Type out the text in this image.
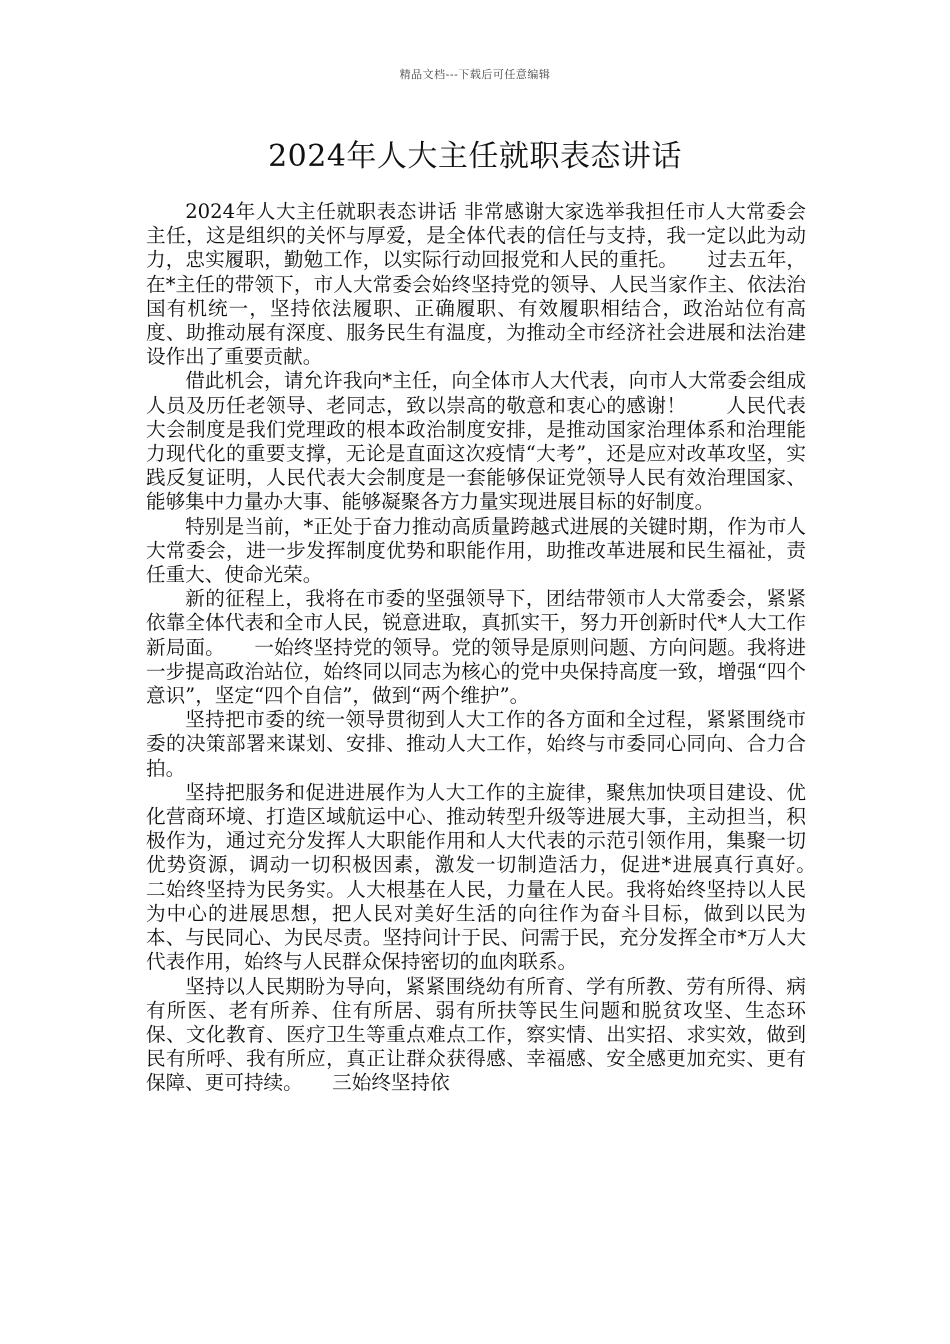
精品文档---下载后可任意编辑
2024年人大主任就职表态讲话

2024年人大主任就职表态讲话 非常感谢大家选举我担任市人大常委会主任，这是组织的关怀与厚爱，是全体代表的信任与支持，我一定以此为动力，忠实履职，勤勉工作，以实际行动回报党和人民的重托。　　过去五年，在*主任的带领下，市人大常委会始终坚持党的领导、人民当家作主、依法治国有机统一，坚持依法履职、正确履职、有效履职相结合，政治站位有高度、助推动展有深度、服务民生有温度，为推动全市经济社会进展和法治建设作出了重要贡献。

借此机会，请允许我向*主任，向全体市人大代表，向市人大常委会组成人员及历任老领导、老同志，致以崇高的敬意和衷心的感谢！　　人民代表大会制度是我们党理政的根本政治制度安排，是推动国家治理体系和治理能力现代化的重要支撑，无论是直面这次疫情“大考”，还是应对改革攻坚，实践反复证明，人民代表大会制度是一套能够保证党领导人民有效治理国家、能够集中力量办大事、能够凝聚各方力量实现进展目标的好制度。

特别是当前，*正处于奋力推动高质量跨越式进展的关键时期，作为市人大常委会，进一步发挥制度优势和职能作用，助推改革进展和民生福祉，责任重大、使命光荣。

新的征程上，我将在市委的坚强领导下，团结带领市人大常委会，紧紧依靠全体代表和全市人民，锐意进取，真抓实干，努力开创新时代*人大工作新局面。　　一始终坚持党的领导。党的领导是原则问题、方向问题。我将进一步提高政治站位，始终同以同志为核心的党中央保持高度一致，增强“四个意识”，坚定“四个自信”，做到“两个维护”。

坚持把市委的统一领导贯彻到人大工作的各方面和全过程，紧紧围绕市委的决策部署来谋划、安排、推动人大工作，始终与市委同心同向、合力合拍。

坚持把服务和促进进展作为人大工作的主旋律，聚焦加快项目建设、优化营商环境、打造区域航运中心、推动转型升级等进展大事，主动担当，积极作为，通过充分发挥人大职能作用和人大代表的示范引领作用，集聚一切优势资源，调动一切积极因素，激发一切制造活力，促进*进展真行真好。　　二始终坚持为民务实。人大根基在人民，力量在人民。我将始终坚持以人民为中心的进展思想，把人民对美好生活的向往作为奋斗目标，做到以民为本、与民同心、为民尽责。坚持问计于民、问需于民，充分发挥全市*万人大代表作用，始终与人民群众保持密切的血肉联系。

坚持以人民期盼为导向，紧紧围绕幼有所育、学有所教、劳有所得、病有所医、老有所养、住有所居、弱有所扶等民生问题和脱贫攻坚、生态环保、文化教育、医疗卫生等重点难点工作，察实情、出实招、求实效，做到民有所呼、我有所应，真正让群众获得感、幸福感、安全感更加充实、更有保障、更可持续。　　三始终坚持依
